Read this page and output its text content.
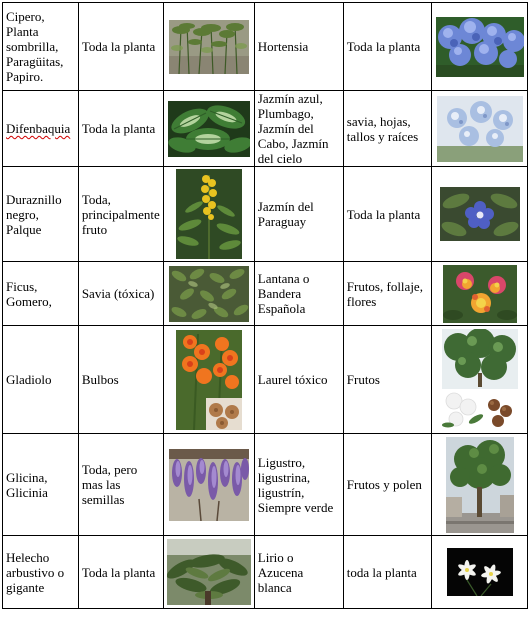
Cipero, Planta sombrilla, Paragüitas, Papiro.	Toda la planta		Hortensia	Toda la planta	
Difenbaquia	Toda la planta		Jazmín azul, Plumbago, Jazmín del Cabo, Jazmín del cielo	savia, hojas, tallos y raíces	
Duraznillo negro, Palque	Toda, principalmente fruto		Jazmín del Paraguay	Toda la planta	
Ficus, Gomero,	Savia (tóxica)		Lantana o Bandera Española	Frutos, follaje, flores	
Gladiolo	Bulbos		Laurel tóxico	Frutos	
Glicina, Glicinia	Toda, pero mas las semillas		Ligustro, ligustrina, ligustrín, Siempre verde	Frutos y polen	
Helecho arbustivo o gigante	Toda la planta		Lirio o Azucena blanca	toda la planta	
